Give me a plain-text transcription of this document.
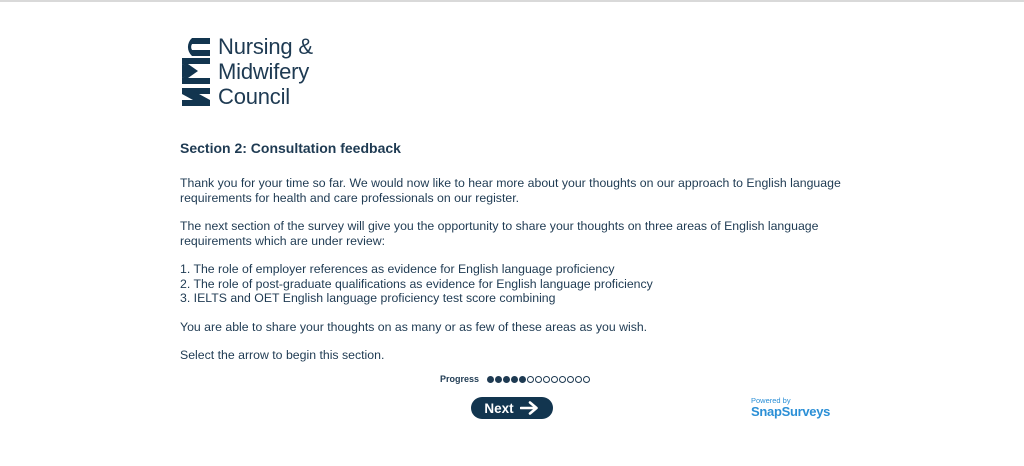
Nursing &
Midwifery
Council
Section 2: Consultation feedback
Thank you for your time so far. We would now like to hear more about your thoughts on our approach to English language requirements for health and care professionals on our register.
The next section of the survey will give you the opportunity to share your thoughts on three areas of English language requirements which are under review:
1. The role of employer references as evidence for English language proficiency
2. The role of post-graduate qualifications as evidence for English language proficiency
3. IELTS and OET English language proficiency test score combining
You are able to share your thoughts on as many or as few of these areas as you wish.
Select the arrow to begin this section.
Progress
Next	Powered by
SnapSurveys
